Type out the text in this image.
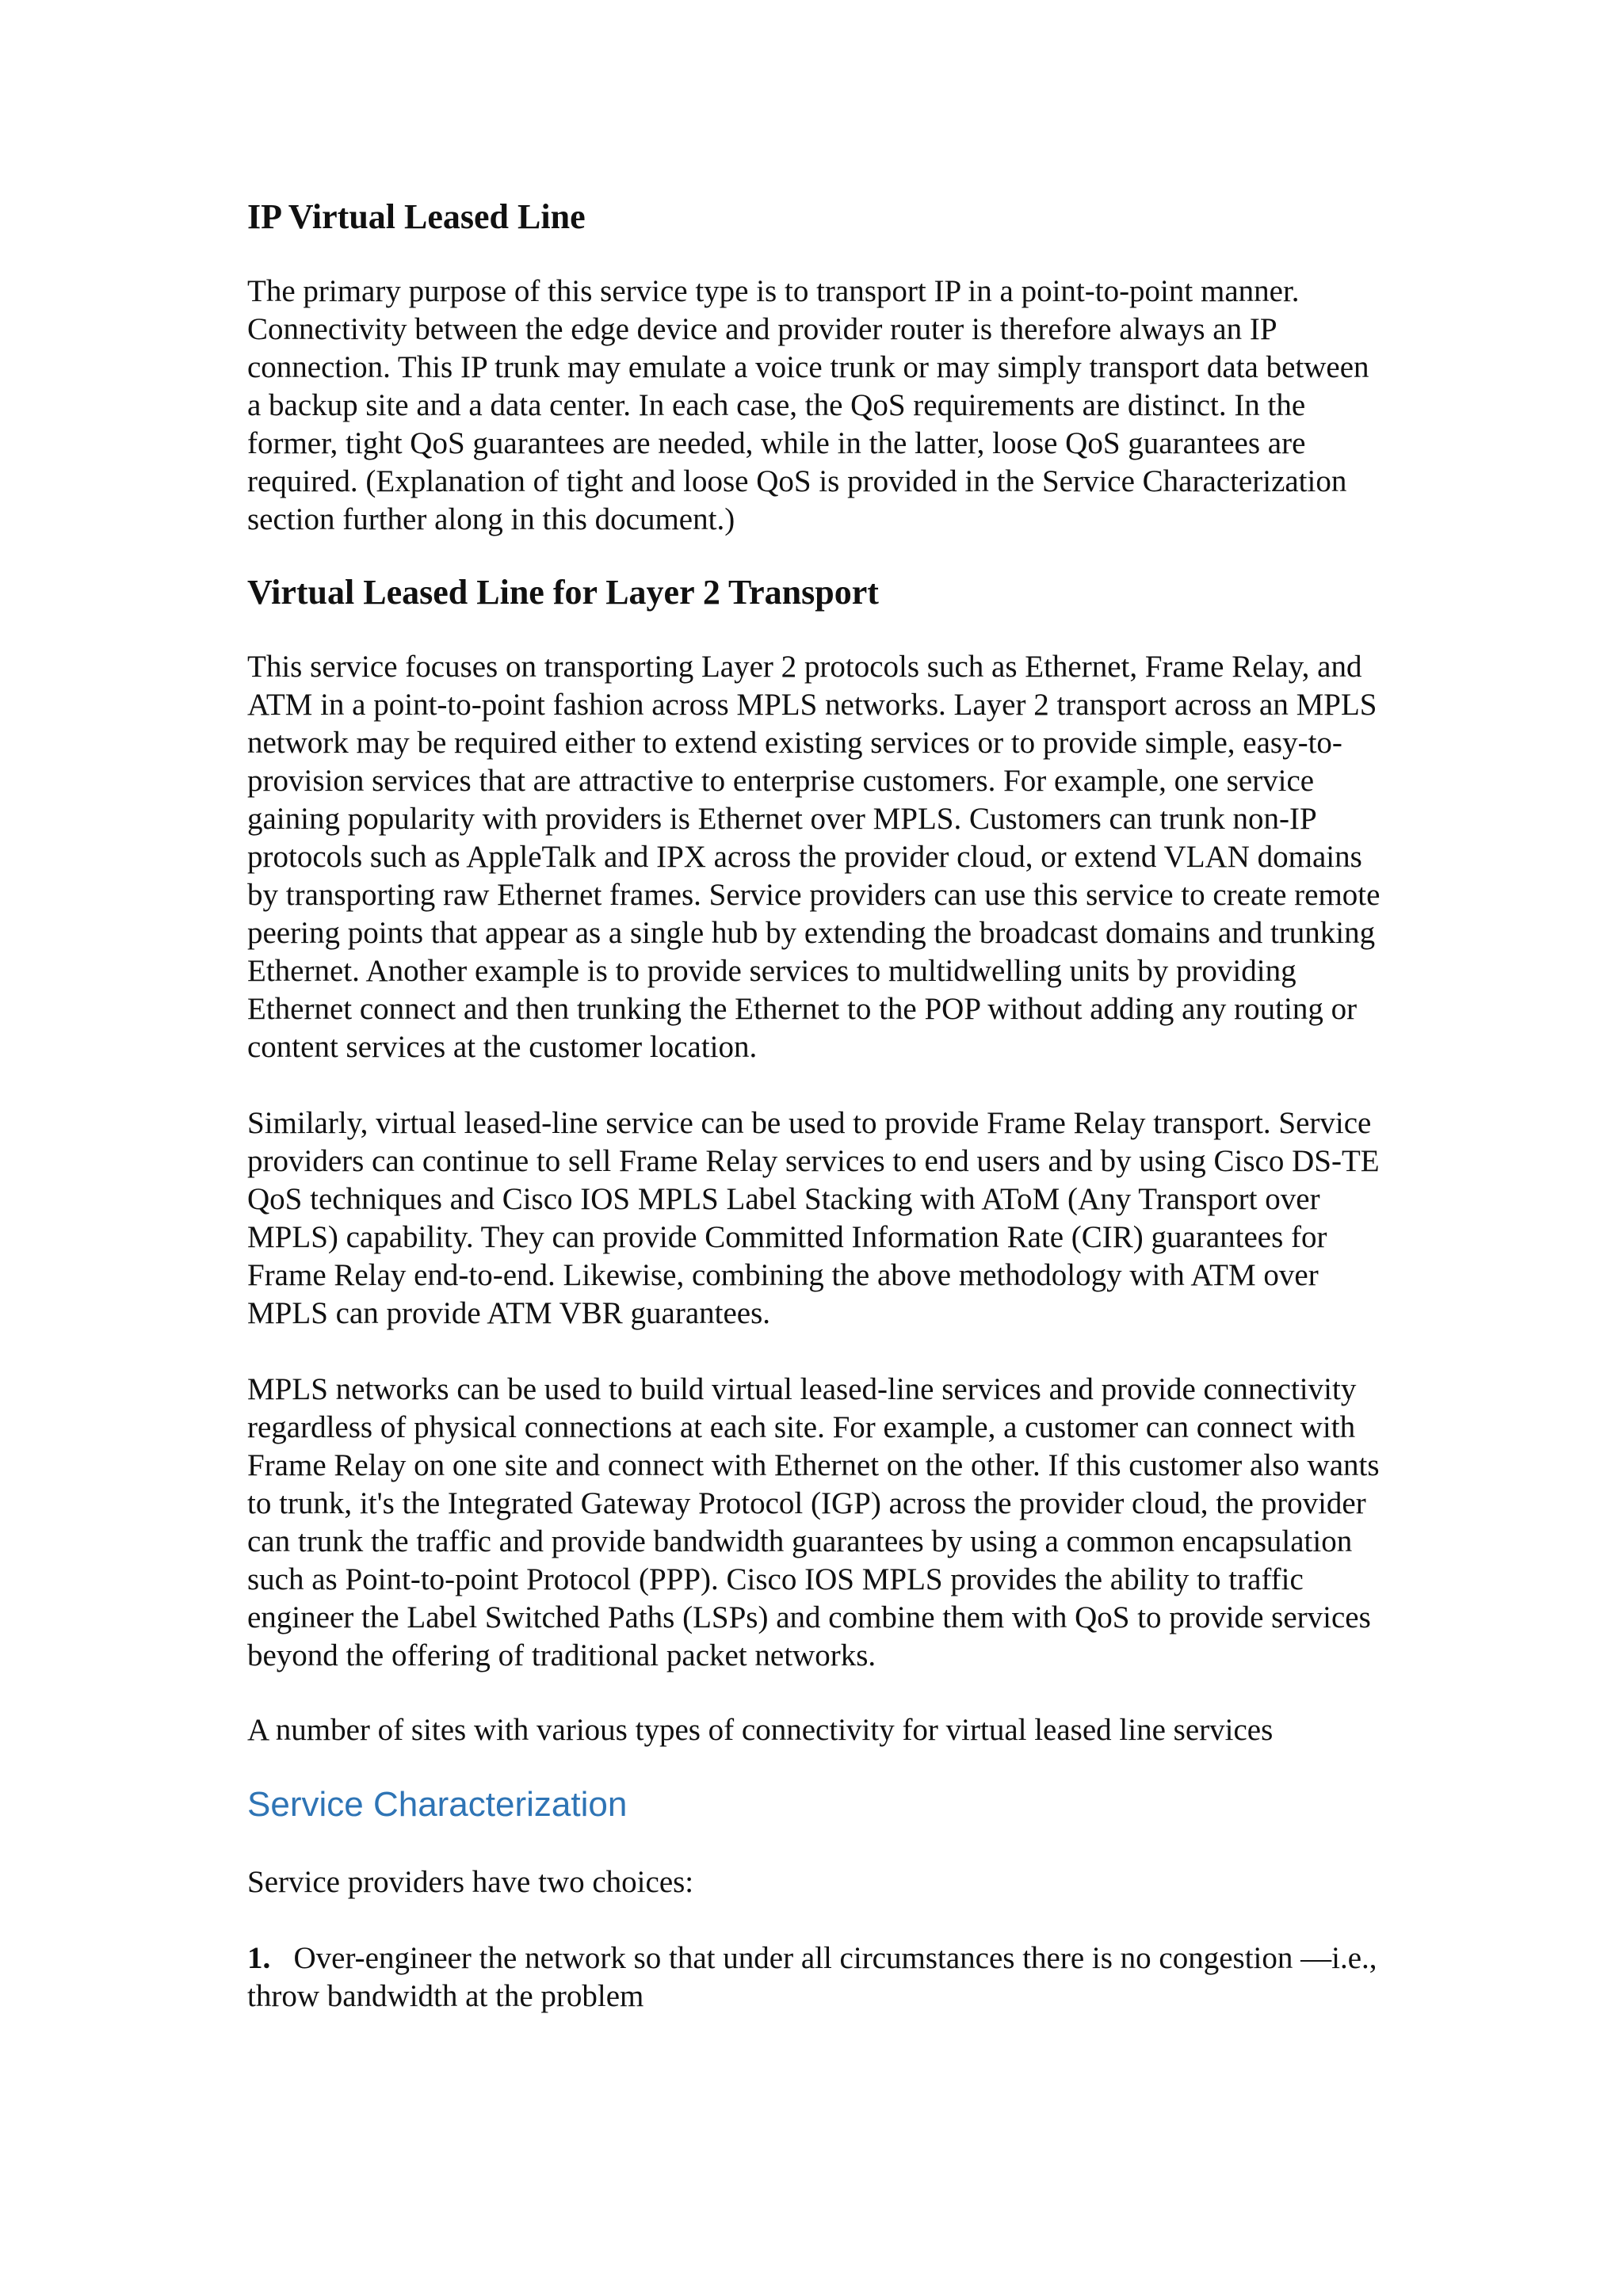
IP Virtual Leased Line

The primary purpose of this service type is to transport IP in a point-to-point manner. Connectivity between the edge device and provider router is therefore always an IP connection. This IP trunk may emulate a voice trunk or may simply transport data between a backup site and a data center. In each case, the QoS requirements are distinct. In the former, tight QoS guarantees are needed, while in the latter, loose QoS guarantees are required. (Explanation of tight and loose QoS is provided in the Service Characterization section further along in this document.)

Virtual Leased Line for Layer 2 Transport

This service focuses on transporting Layer 2 protocols such as Ethernet, Frame Relay, and ATM in a point-to-point fashion across MPLS networks. Layer 2 transport across an MPLS network may be required either to extend existing services or to provide simple, easy-to-provision services that are attractive to enterprise customers. For example, one service gaining popularity with providers is Ethernet over MPLS. Customers can trunk non-IP protocols such as AppleTalk and IPX across the provider cloud, or extend VLAN domains by transporting raw Ethernet frames. Service providers can use this service to create remote peering points that appear as a single hub by extending the broadcast domains and trunking Ethernet. Another example is to provide services to multidwelling units by providing Ethernet connect and then trunking the Ethernet to the POP without adding any routing or content services at the customer location.

Similarly, virtual leased-line service can be used to provide Frame Relay transport. Service providers can continue to sell Frame Relay services to end users and by using Cisco DS-TE QoS techniques and Cisco IOS MPLS Label Stacking with AToM (Any Transport over MPLS) capability. They can provide Committed Information Rate (CIR) guarantees for Frame Relay end-to-end. Likewise, combining the above methodology with ATM over MPLS can provide ATM VBR guarantees.

MPLS networks can be used to build virtual leased-line services and provide connectivity regardless of physical connections at each site. For example, a customer can connect with Frame Relay on one site and connect with Ethernet on the other. If this customer also wants to trunk, it's the Integrated Gateway Protocol (IGP) across the provider cloud, the provider can trunk the traffic and provide bandwidth guarantees by using a common encapsulation such as Point-to-point Protocol (PPP). Cisco IOS MPLS provides the ability to traffic engineer the Label Switched Paths (LSPs) and combine them with QoS to provide services beyond the offering of traditional packet networks.

A number of sites with various types of connectivity for virtual leased line services

Service Characterization

Service providers have two choices:

1. Over-engineer the network so that under all circumstances there is no congestion —i.e., throw bandwidth at the problem
